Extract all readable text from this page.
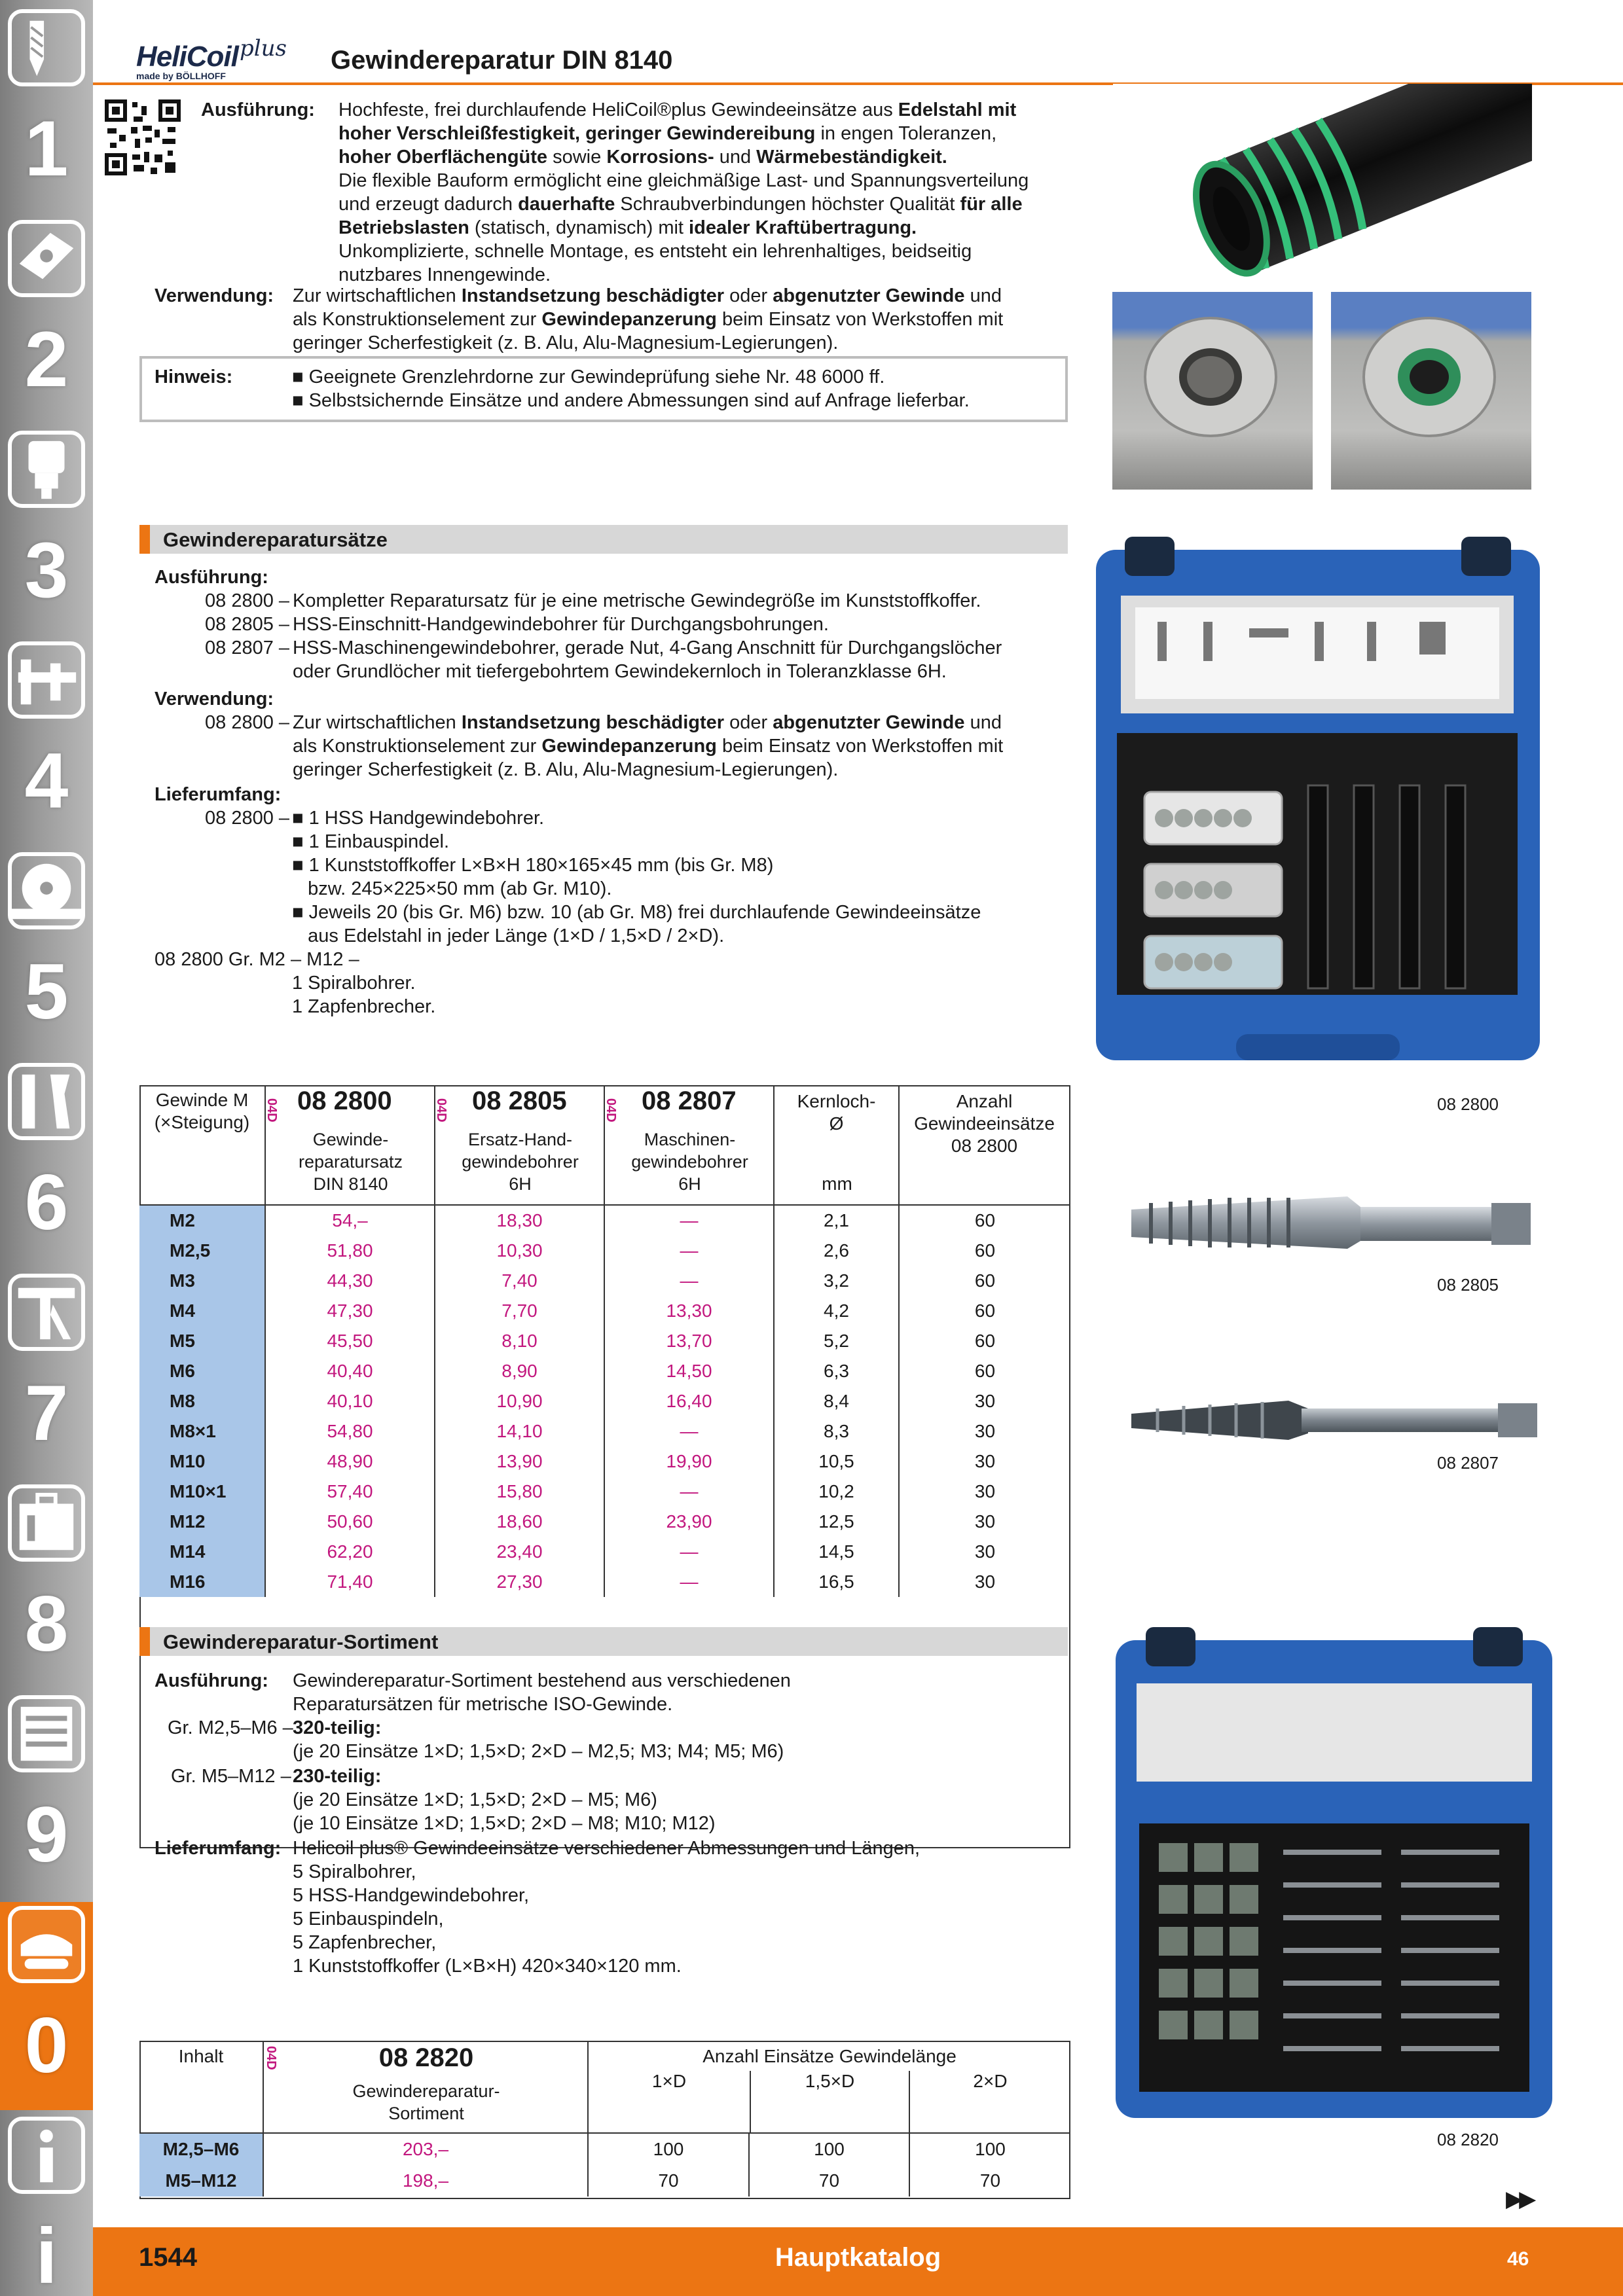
1
2
3
4
5
6
7
8
9
0
i
HeliCoil plus
made by BÖLLHOFF
Gewindereparatur DIN 8140
Ausführung: Hochfeste, frei durchlaufende HeliCoil®plus Gewindeeinsätze aus Edelstahl mit
hoher Verschleißfestigkeit, geringer Gewindereibung in engen Toleranzen,
hoher Oberflächengüte sowie Korrosions- und Wärmebeständigkeit.
Die flexible Bauform ermöglicht eine gleichmäßige Last- und Spannungsverteilung
und erzeugt dadurch dauerhafte Schraubverbindungen höchster Qualität für alle
Betriebslasten (statisch, dynamisch) mit idealer Kraftübertragung.
Unkomplizierte, schnelle Montage, es entsteht ein lehrenhaltiges, beidseitig
nutzbares Innengewinde.
Verwendung: Zur wirtschaftlichen Instandsetzung beschädigter oder abgenutzter Gewinde und
als Konstruktionselement zur Gewindepanzerung beim Einsatz von Werkstoffen mit
geringer Scherfestigkeit (z. B. Alu, Alu-Magnesium-Legierungen).
Hinweis:	■ Geeignete Grenzlehrdorne zur Gewindeprüfung siehe Nr. 48 6000 ff.
■ Selbstsichernde Einsätze und andere Abmessungen sind auf Anfrage lieferbar.
Gewindereparatursätze
Ausführung:
08 2800 – Kompletter Reparatursatz für je eine metrische Gewindegröße im Kunststoffkoffer.
08 2805 – HSS-Einschnitt-Handgewindebohrer für Durchgangsbohrungen.
08 2807 – HSS-Maschinengewindebohrer, gerade Nut, 4-Gang Anschnitt für Durchgangslöcher
oder Grundlöcher mit tiefergebohrtem Gewindekernloch in Toleranzklasse 6H.
Verwendung:
08 2800 – Zur wirtschaftlichen Instandsetzung beschädigter oder abgenutzter Gewinde und
als Konstruktionselement zur Gewindepanzerung beim Einsatz von Werkstoffen mit
geringer Scherfestigkeit (z. B. Alu, Alu-Magnesium-Legierungen).
Lieferumfang:
08 2800 – ■ 1 HSS Handgewindebohrer.
■ 1 Einbauspindel.
■ 1 Kunststoffkoffer L×B×H 180×165×45 mm (bis Gr. M8)
bzw. 245×225×50 mm (ab Gr. M10).
■ Jeweils 20 (bis Gr. M6) bzw. 10 (ab Gr. M8) frei durchlaufende Gewindeeinsätze
aus Edelstahl in jeder Länge (1×D / 1,5×D / 2×D).
08 2800 Gr. M2 – M12 –
1 Spiralbohrer.
1 Zapfenbrecher.
Gewinde M
(×Steigung)	04D 08 2800
Gewinde-
reparatursatz
DIN 8140
04D 08 2805
Ersatz-Hand-
gewindebohrer
6H
04D 08 2807
Maschinen-
gewindebohrer
6H
Kernloch-
Ø
mm
Anzahl
Gewindeeinsätze
08 2800
M2	54,–	18,30	—	2,1	60
M2,5	51,80	10,30	—	2,6	60
M3	44,30	7,40	—	3,2	60
M4	47,30	7,70	13,30	4,2	60
M5	45,50	8,10	13,70	5,2	60
M6	40,40	8,90	14,50	6,3	60
M8	40,10	10,90	16,40	8,4	30
M8×1	54,80	14,10	—	8,3	30
M10	48,90	13,90	19,90	10,5	30
M10×1	57,40	15,80	—	10,2	30
M12	50,60	18,60	23,90	12,5	30
M14	62,20	23,40	—	14,5	30
M16	71,40	27,30	—	16,5	30
08 2800
08 2805
08 2807
Gewindereparatur-Sortiment
Ausführung: Gewindereparatur-Sortiment bestehend aus verschiedenen
Reparatursätzen für metrische ISO-Gewinde.
Gr. M2,5–M6 – 320-teilig:
(je 20 Einsätze 1×D; 1,5×D; 2×D – M2,5; M3; M4; M5; M6)
Gr. M5–M12 – 230-teilig:
(je 20 Einsätze 1×D; 1,5×D; 2×D – M5; M6)
(je 10 Einsätze 1×D; 1,5×D; 2×D – M8; M10; M12)
Lieferumfang: Helicoil plus® Gewindeeinsätze verschiedener Abmessungen und Längen,
5 Spiralbohrer,
5 HSS-Handgewindebohrer,
5 Einbauspindeln,
5 Zapfenbrecher,
1 Kunststoffkoffer (L×B×H) 420×340×120 mm.
08 2820
Inhalt	04D	08 2820
Gewindereparatur-
Sortiment
Anzahl Einsätze Gewindelänge
1×D	1,5×D	2×D
M2,5–M6	203,–	100	100	100
M5–M12	198,–	70	70	70
▶▶
1544	Hauptkatalog	46
